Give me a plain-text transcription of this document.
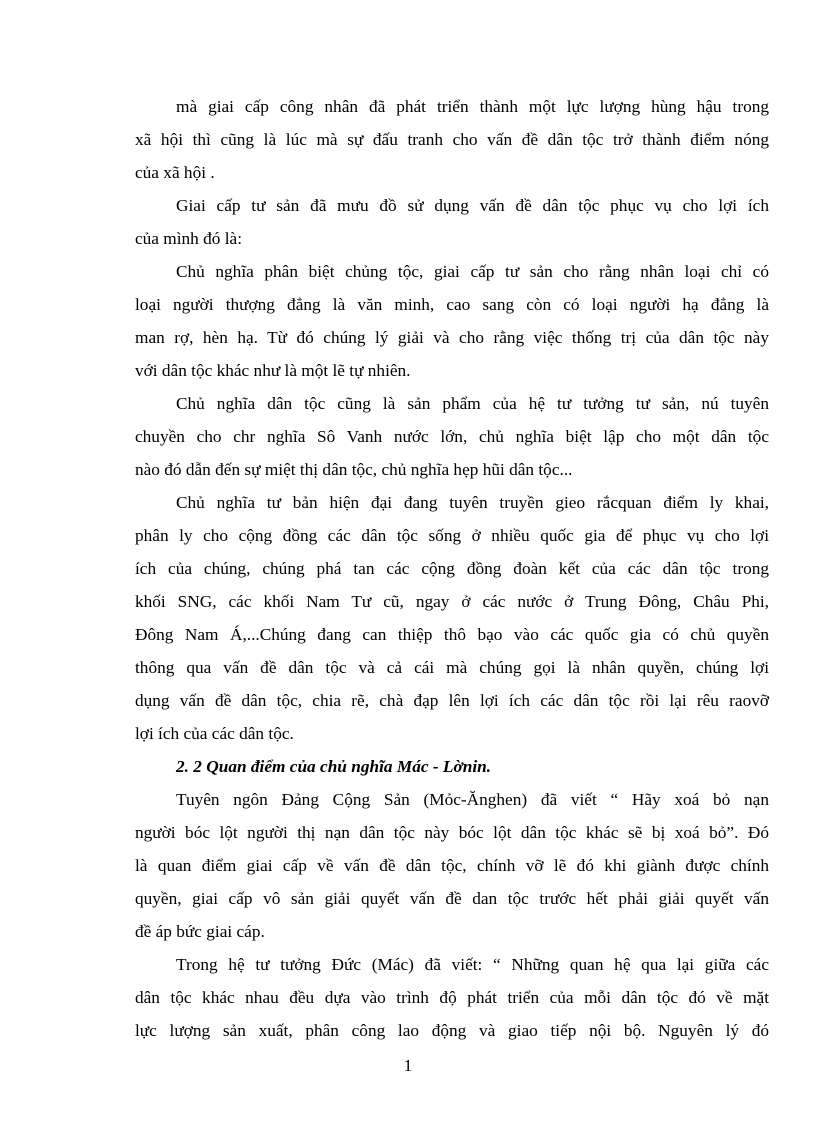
mà giai cấp công nhân đã phát triển thành một lực lượng hùng hậu trong
xã hội thì cũng là lúc mà sự đấu tranh cho vấn đề dân tộc trở thành điểm nóng
của xã hội .
Giai cấp tư sản đã mưu đồ sử dụng vấn đề dân tộc phục vụ cho lợi ích
của mình đó là:
Chủ nghĩa phân biệt chủng tộc, giai cấp tư sản cho rằng nhân loại chỉ có
loại người thượng đẳng là văn minh, cao sang còn có loại người hạ đẳng là
man rợ, hèn hạ. Từ đó chúng lý giải và cho rằng việc thống trị của dân tộc này
với dân tộc khác như là một lẽ tự nhiên.
Chủ nghĩa dân tộc cũng là sản phẩm của hệ tư tưởng tư sản, nú tuyên
chuyền cho chr nghĩa Sô Vanh nước lớn, chủ nghĩa biệt lập cho một dân tộc
nào đó dẫn đến sự miệt thị dân tộc, chủ nghĩa hẹp hũi dân tộc...
Chủ nghĩa tư bản hiện đại đang tuyên truyền gieo rắcquan điểm ly khai,
phân ly cho cộng đồng các dân tộc sống ở nhiều quốc gia để phục vụ cho lợi
ích của chúng, chúng phá tan các cộng đồng đoàn kết của các dân tộc trong
khối SNG, các khối Nam Tư cũ, ngay ở các nước ở Trung Đông, Châu Phi,
Đông Nam Á,...Chúng đang can thiệp thô bạo vào các quốc gia có chủ quyền
thông qua vấn đề dân tộc và cả cái mà chúng gọi là nhân quyền, chúng lợi
dụng vấn đề dân tộc, chia rẽ, chà đạp lên lợi ích các dân tộc rồi lại rêu raovỡ
lợi ích của các dân tộc.
2. 2 Quan điểm của chủ nghĩa Mác - Lờnin.
Tuyên ngôn Đảng Cộng Sản (Mỏc-Ănghen) đã viết “ Hãy xoá bỏ nạn
người bóc lột người thị nạn dân tộc này bóc lột dân tộc khác sẽ bị xoá bỏ”. Đó
là quan điểm giai cấp về vấn đề dân tộc, chính vỡ lẽ đó khi giành được chính
quyền, giai cấp vô sản giải quyết vấn đề dan tộc trước hết phải giải quyết vấn
đề áp bức giai cáp.
Trong hệ tư tưởng Đức (Mác) đã viết: “ Những quan hệ qua lại giữa các
dân tộc khác nhau đều dựa vào trình độ phát triển của mỗi dân tộc đó về mặt
lực lượng sản xuất, phân công lao động và giao tiếp nội bộ. Nguyên lý đó
1
